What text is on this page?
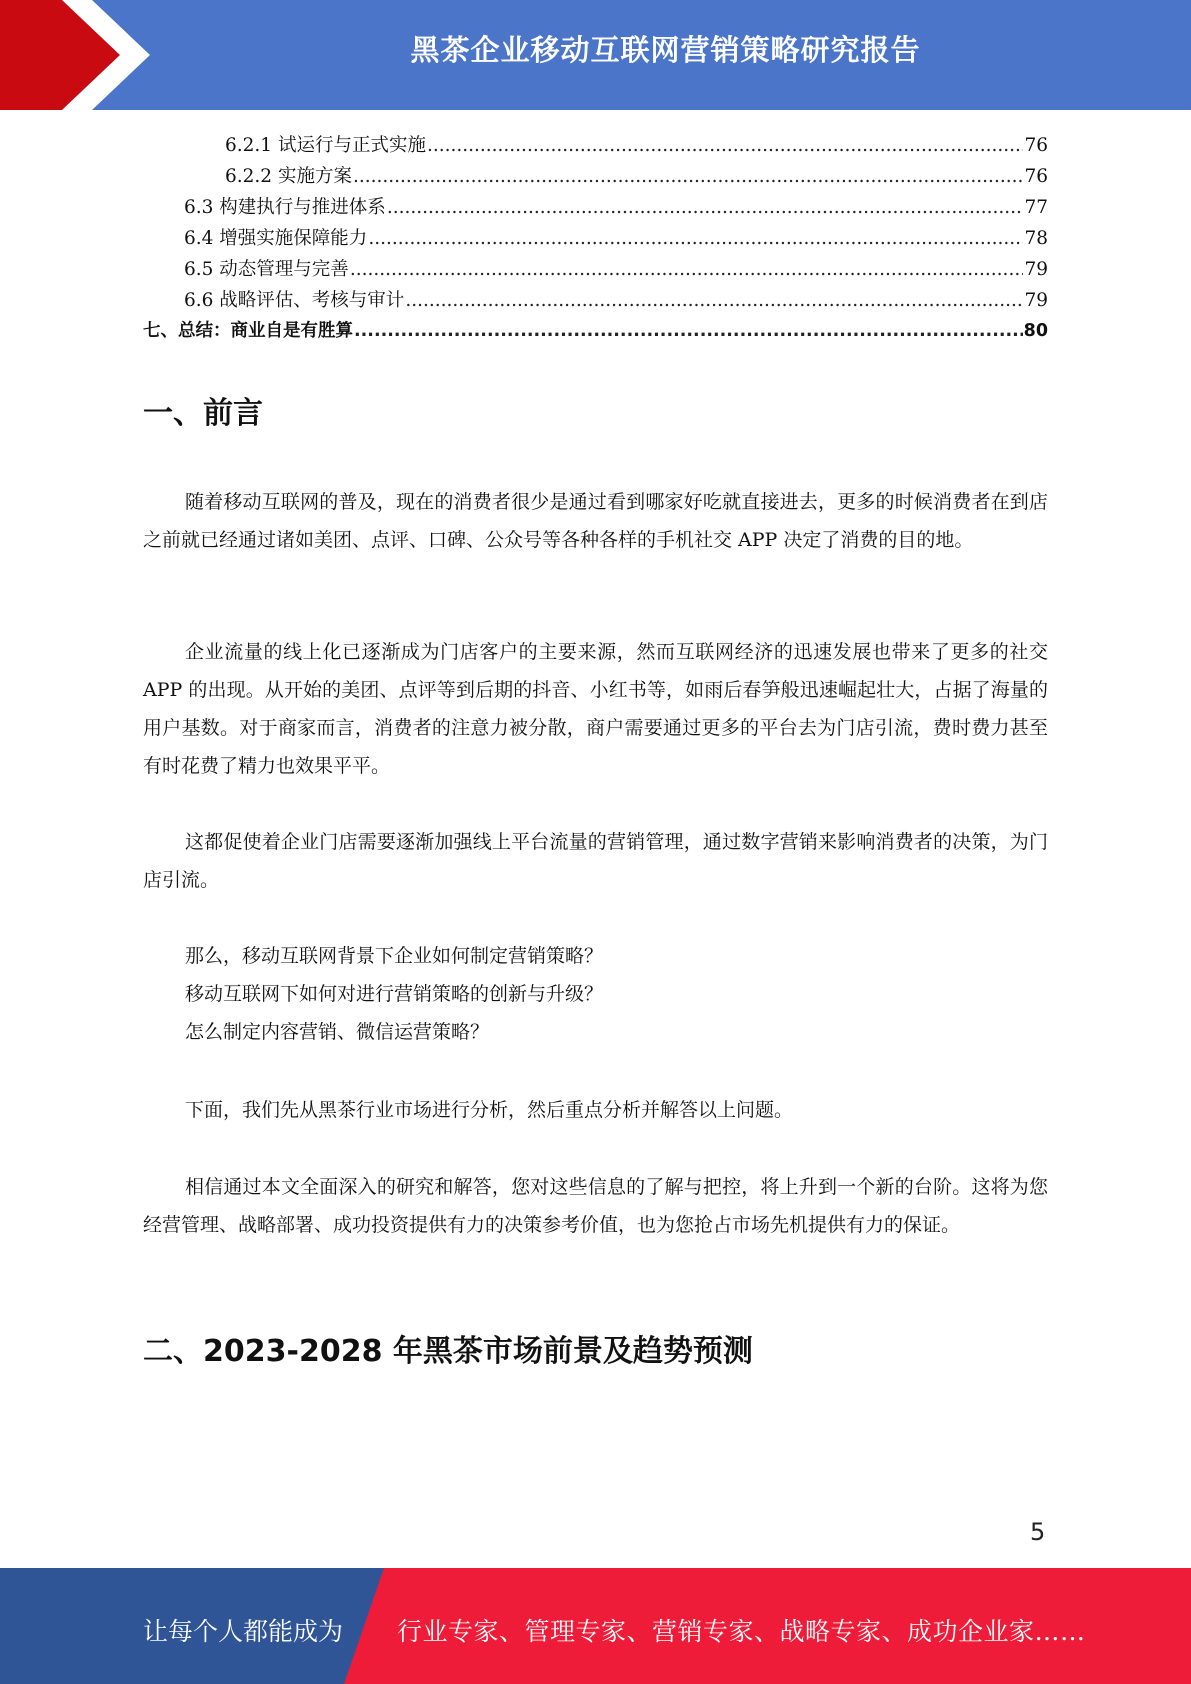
黑茶企业移动互联网营销策略研究报告
6.2.1 试运行与正式实施 .....	76
6.2.2 实施方案 .....	76
6.3 构建执行与推进体系 .....	77
6.4 增强实施保障能力 .....	78
6.5 动态管理与完善 .....	79
6.6 战略评估、考核与审计 .....	79
七、总结：商业自是有胜算 .....	80
一、前言
随着移动互联网的普及，现在的消费者很少是通过看到哪家好吃就直接进去，更多的时候消费者在到店之前就已经通过诸如美团、点评、口碑、公众号等各种各样的手机社交 APP 决定了消费的目的地。
企业流量的线上化已逐渐成为门店客户的主要来源，然而互联网经济的迅速发展也带来了更多的社交 APP 的出现。从开始的美团、点评等到后期的抖音、小红书等，如雨后春笋般迅速崛起壮大，占据了海量的用户基数。对于商家而言，消费者的注意力被分散，商户需要通过更多的平台去为门店引流，费时费力甚至有时花费了精力也效果平平。
这都促使着企业门店需要逐渐加强线上平台流量的营销管理，通过数字营销来影响消费者的决策，为门店引流。
那么，移动互联网背景下企业如何制定营销策略？
移动互联网下如何对进行营销策略的创新与升级？
怎么制定内容营销、微信运营策略？
下面，我们先从黑茶行业市场进行分析，然后重点分析并解答以上问题。
相信通过本文全面深入的研究和解答，您对这些信息的了解与把控，将上升到一个新的台阶。这将为您经营管理、战略部署、成功投资提供有力的决策参考价值，也为您抢占市场先机提供有力的保证。
二、2023-2028 年黑茶市场前景及趋势预测
5
让每个人都能成为 行业专家、管理专家、营销专家、战略专家、成功企业家……
